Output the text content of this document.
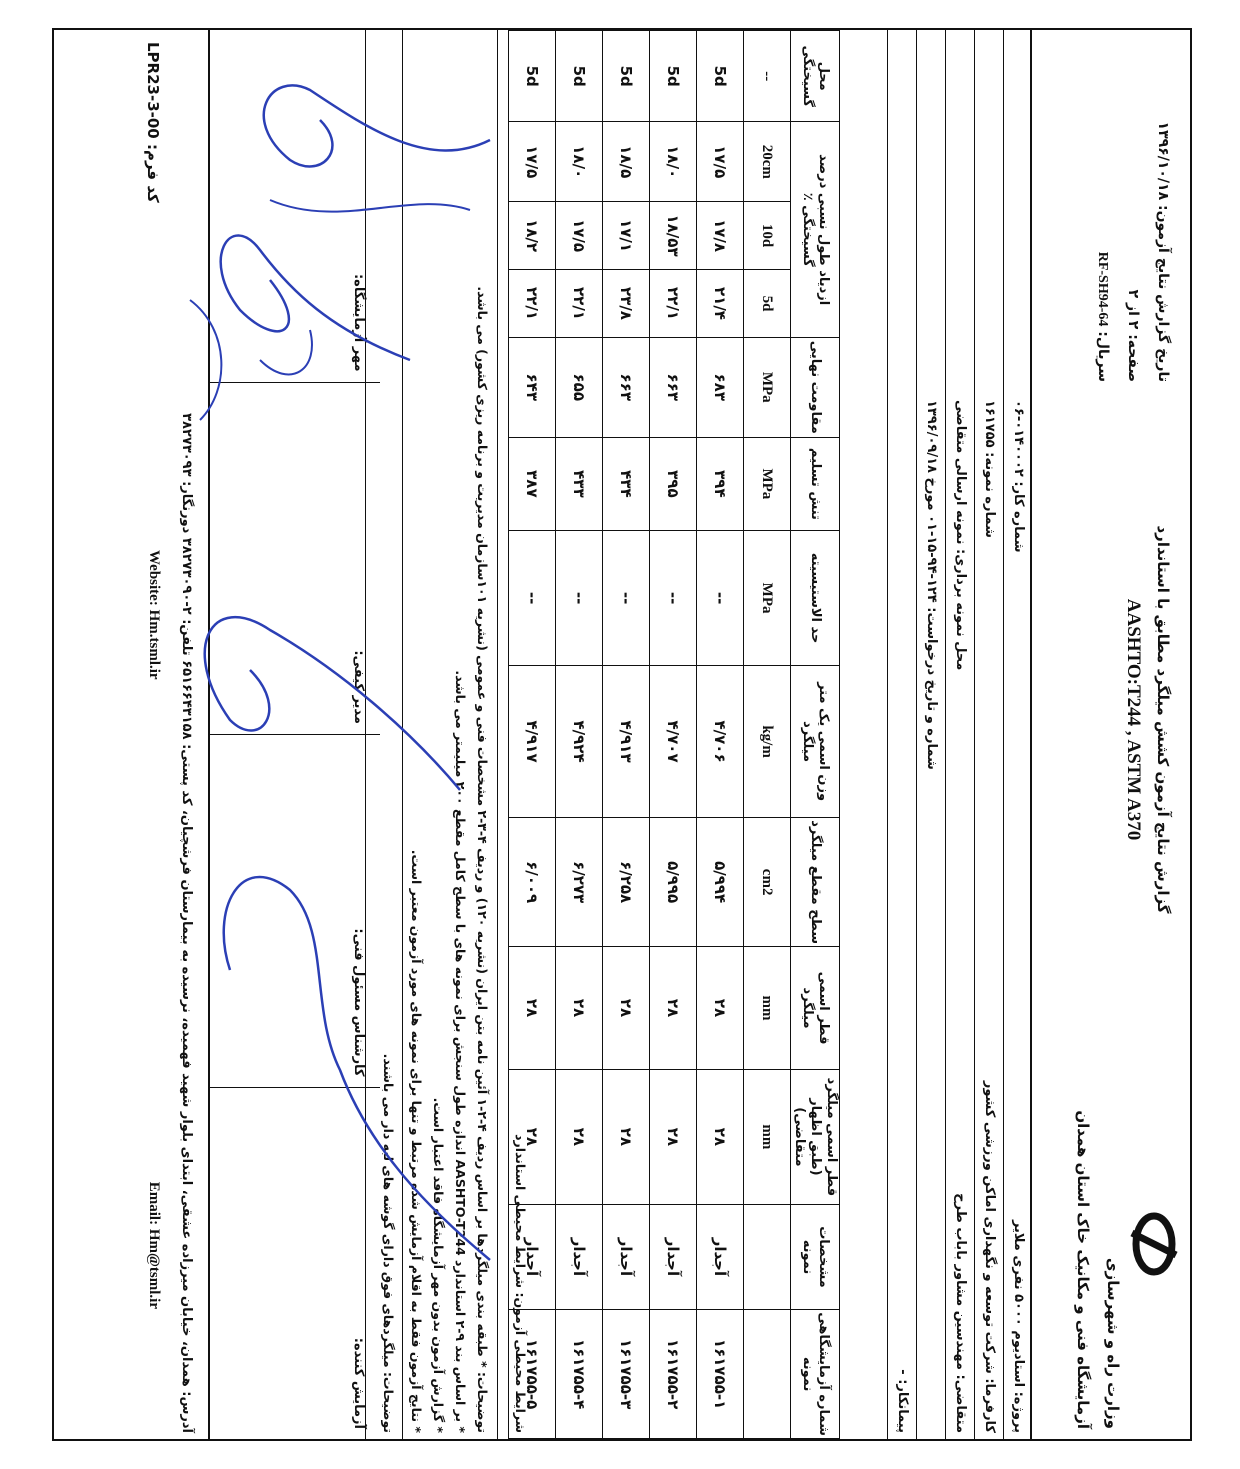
وزارت راه و شهرسازی
آزمایشگاه فنی و مکانیک خاک استان همدان
گزارش نتایج آزمون کشش میلگرد مطابق با استاندارد
AASHTO:T244 , ASTM A370
تاریخ گزارش نتایج آزمون: ۱۳۹۶/۱۰/۱۸
صفحه: ۲ از ۲
سریال: RF-SH94-64
پروژه: استادیوم ۵۰۰۰ نفری ملایر
شماره کار: ۰۱۴۰۰۰۲-۰۶
کارفرما: شرکت توسعه و نگهداری اماکن ورزشی کشور
شماره نمونه: ۱۶۱۷۵۵
متقاضی: مهندسین مشاور باباب طرح
محل نمونه برداری: نمونه ارسالی متقاضی
شماره و تاریخ درخواست: ۱۲۴-۹۴-۱۵-۰۱ مورخ ۱۳۹۶/۰۹/۱۸
پیمانکار: -
شماره آزمایشگاهی نمونه	مشخصات نمونه	قطر اسمی میلگرد (طبق اظهار متقاضی)	قطر اسمی میلگرد	سطح مقطع میلگرد	وزن اسمی یک متر میلگرد	حد الاستیسیته	تنش تسلیم	مقاومت نهایی	ازدیاد طول نسبی درصد گسیختگی ٪			محل گسیختگی
		mm	mm	cm2	kg/m	MPa	MPa	MPa	5d	10d	20cm	--
۱۶۱۷۵۵-۱	آجدار	۲۸	۲۸	۵/۹۹۴	۴/۷۰۶	--	۳۹۴	۶۸۳	۲۱/۴	۱۷/۸	۱۷/۵	5d
۱۶۱۷۵۵-۲	آجدار	۲۸	۲۸	۵/۹۹۵	۴/۷۰۷	--	۳۹۵	۶۶۳	۲۲/۱	۱۸/۵۳	۱۸/۰	5d
۱۶۱۷۵۵-۳	آجدار	۲۸	۲۸	۶/۲۵۸	۴/۹۱۳	--	۴۳۴	۶۶۳	۲۳/۸	۱۷/۱	۱۸/۵	5d
۱۶۱۷۵۵-۴	آجدار	۲۸	۲۸	۶/۲۷۳	۴/۹۲۴	--	۴۳۳	۶۵۵	۲۲/۱	۱۷/۵	۱۸/۰	5d
۱۶۱۷۵۵-۵	آجدار	۲۸	۲۸	۶/۰۰۹	۴/۹۱۷	--	۳۸۷	۶۴۳	۲۲/۱	۱۸/۲	۱۷/۵	5d
شرایط محیطی آزمون: شرایط محیطی استاندارد
توضیحات: * طبقه بندی میلگردها بر اساس ردیف ۴-۲-۱ آئین نامه بتن ایران (نشریه ۱۲۰) و ردیف ۴-۳-۲ مشخصات فنی و عمومی (نشریه ۱۰۱سازمان مدیریت و برنامه ریزی کشور) می باشد.
* بر اساس بند ۹-۲ استاندارد AASHTO-T244 اندازه طول سنجش برای نمونه های با سطح کامل مقطع ۲۰۰ میلیمتر می باشد.
* گزارش آزمون بدون مهر آزمایشگاه فاقد اعتبار است.
* نتایج آزمون فقط به اقلام آزمایش شده مرتبط و تنها برای نمونه های مورد آزمون معتبر است.
توضیحات: میلگردهای فوق دارای گوشه های لبه دار می باشند.
آزمایش کننده:
کارشناس مسئول فنی:
مدیر کیفی:
مهر آزمایشگاه:
آدرس: همدان، خیابان میرزاده عشقی، ابتدای بلوار شهید فهمیده، نرسیده به بیمارستان فرشچیان، کد پستی: ۶۵۱۶۶۴۳۱۵۸ تلفن: ۲-۳۸۲۷۳۰۹۰ دورنگار: ۳۸۲۷۳۰۹۳
Email: Hm@tsml.ir
Website: Hm.tsml.ir
کد فرم: LPR23-3-00
